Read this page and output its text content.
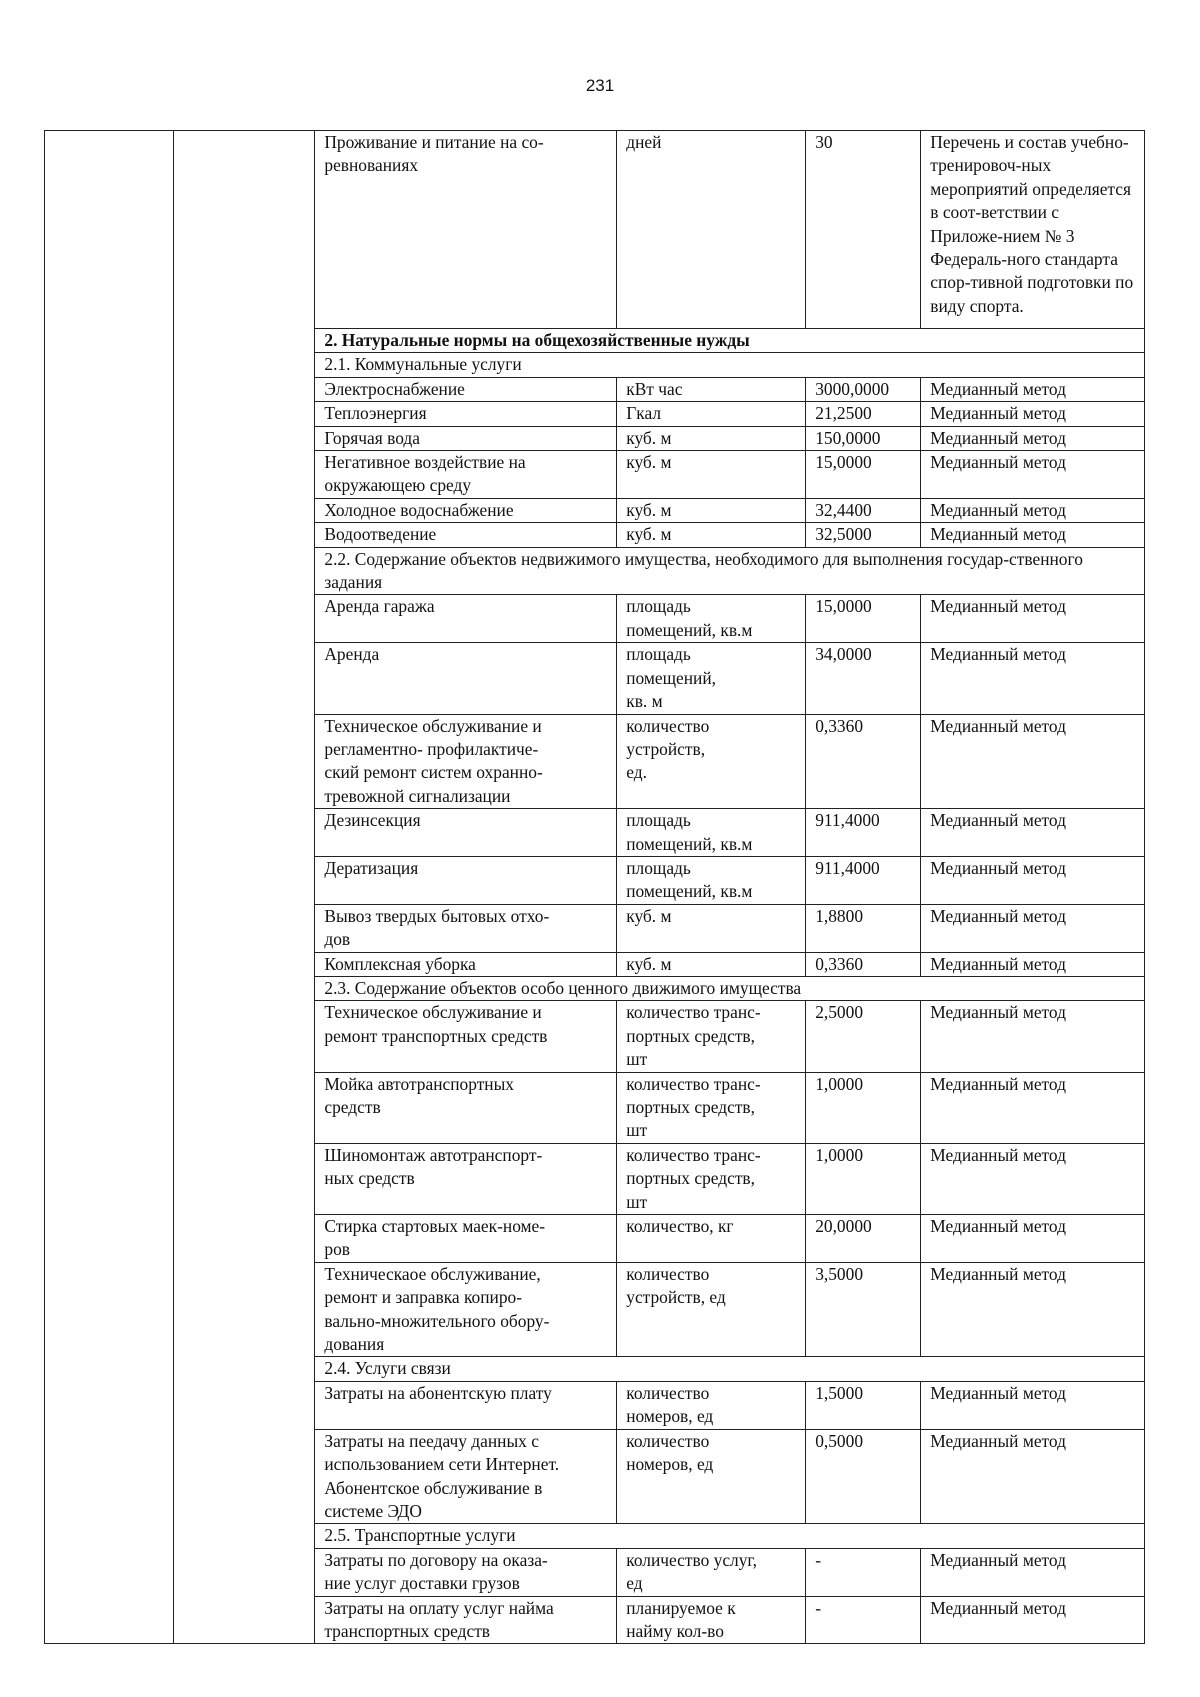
231
		Проживание и питание на со-
ревнованиях	дней	30	Перечень и состав учебно-тренировоч-ных мероприятий определяется в соот-ветствии с Приложе-нием № 3 Федераль-ного стандарта спор-тивной подготовки по виду спорта.
		2. Натуральные нормы на общехозяйственные нужды			
		2.1. Коммунальные услуги			
		Электроснабжение	кВт час	3000,0000	Медианный метод
		Теплоэнергия	Гкал	21,2500	Медианный метод
		Горячая вода	куб. м	150,0000	Медианный метод
		Негативное воздействие на
окружающею среду	куб. м	15,0000	Медианный метод
		Холодное водоснабжение	куб. м	32,4400	Медианный метод
		Водоотведение	куб. м	32,5000	Медианный метод
		2.2. Содержание объектов недвижимого имущества, необходимого для выполнения государ-ственного задания			
		Аренда гаража	площадь
помещений, кв.м	15,0000	Медианный метод
		Аренда	площадь
помещений,
кв. м	34,0000	Медианный метод
		Техническое обслуживание и
регламентно- профилактиче-
ский ремонт систем охранно-
тревожной сигнализации	количество
устройств,
ед.	0,3360	Медианный метод
		Дезинсекция	площадь
помещений, кв.м	911,4000	Медианный метод
		Дератизация	площадь
помещений, кв.м	911,4000	Медианный метод
		Вывоз твердых бытовых отхо-
дов	куб. м	1,8800	Медианный метод
		Комплексная уборка	куб. м	0,3360	Медианный метод
		2.3. Содержание объектов особо ценного движимого имущества			
		Техническое обслуживание и
ремонт транспортных средств	количество транс-
портных средств,
шт	2,5000	Медианный метод
		Мойка автотранспортных
средств	количество транс-
портных средств,
шт	1,0000	Медианный метод
		Шиномонтаж автотранспорт-
ных средств	количество транс-
портных средств,
шт	1,0000	Медианный метод
		Стирка стартовых маек-номе-
ров	количество, кг	20,0000	Медианный метод
		Техническаое обслуживание,
ремонт и заправка копиро-
вально-множительного обору-
дования	количество
устройств, ед	3,5000	Медианный метод
		2.4. Услуги связи			
		Затраты на абонентскую плату	количество
номеров, ед	1,5000	Медианный метод
		Затраты на пеедачу данных с
использованием сети Интернет.
Абонентское обслуживание в
системе ЭДО	количество
номеров, ед	0,5000	Медианный метод
		2.5. Транспортные услуги			
		Затраты по договору на оказа-
ние услуг доставки грузов	количество услуг,
ед	-	Медианный метод
		Затраты на оплату услуг найма
транспортных средств	планируемое к
найму кол-во	-	Медианный метод
